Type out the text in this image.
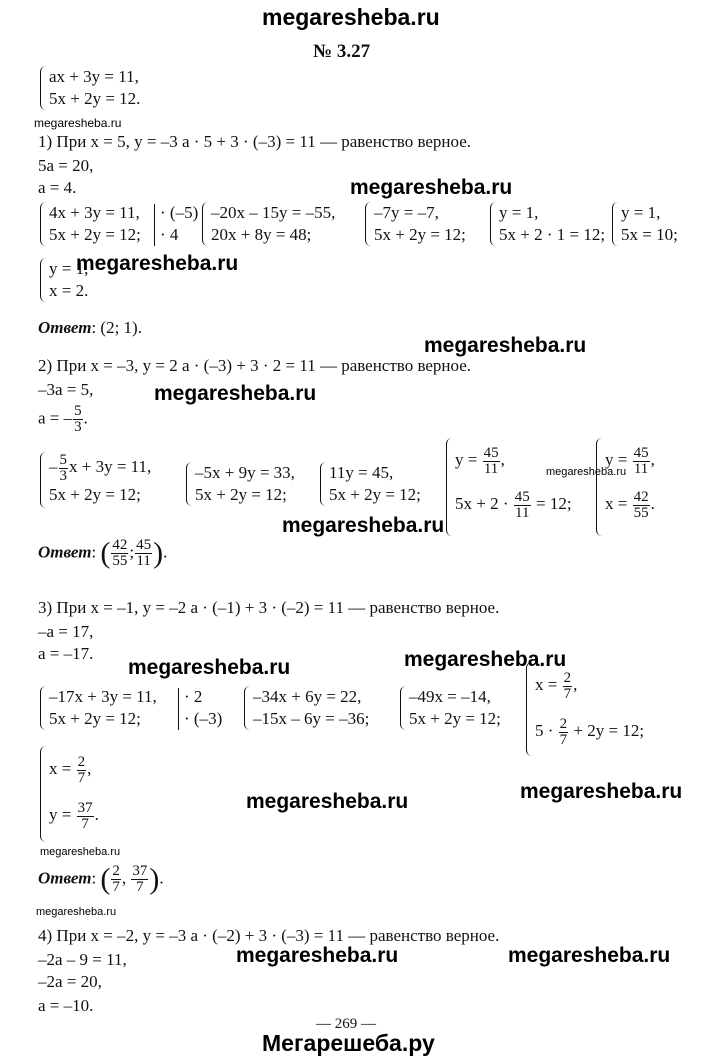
megaresheba.ru
№ 3.27
ax + 3y = 11,
5x + 2y = 12.
megaresheba.ru
1) При x = 5, y = –3 a · 5 + 3 · (–3) = 11 — равенство верное.
5a = 20,
a = 4.	megaresheba.ru
4x + 3y = 11,
5x + 2y = 12;
· (–5)
· 4
–20x – 15y = –55,
20x + 8y = 48;
–7y = –7,
5x + 2y = 12;
y = 1,
5x + 2 · 1 = 12;
y = 1,
5x = 10;
y = 1,
x = 2.
megaresheba.ru
Ответ: (2; 1).
megaresheba.ru
2) При x = –3, y = 2 a · (–3) + 3 · 2 = 11 — равенство верное.
–3a = 5,	megaresheba.ru
a = – $\frac{5}{3}$ .
– $\frac{5}{3}$ x + 3y = 11,
5x + 2y = 12;
–5x + 9y = 33,
5x + 2y = 12;
11y = 45,
5x + 2y = 12;
$y = \frac{45}{11}$ ,
$5x + 2 \cdot \frac{45}{11} = 12$;
megaresheba.ru
$y = \frac{45}{11}$ ,
$x = \frac{42}{55}$ .
megaresheba.ru
Ответ: ( $\frac{42}{55}$ ; $\frac{45}{11}$ ).
3) При x = –1, y = –2 a · (–1) + 3 · (–2) = 11 — равенство верное.
–a = 17,
a = –17.
megaresheba.ru	megaresheba.ru
–17x + 3y = 11,
5x + 2y = 12;
· 2
· (–3)
–34x + 6y = 22,
–15x – 6y = –36;
–49x = –14,
5x + 2y = 12;
$x = \frac{2}{7}$ ,
$5 \cdot \frac{2}{7} + 2y = 12$;
$x = \frac{2}{7}$ ,
$y = \frac{37}{7}$ .
megaresheba.ru	megaresheba.ru
megaresheba.ru
Ответ: ( $\frac{2}{7}$ , $\frac{37}{7}$ ).
megaresheba.ru
4) При x = –2, y = –3 a · (–2) + 3 · (–3) = 11 — равенство верное.
–2a – 9 = 11,
–2a = 20,
a = –10.
megaresheba.ru	megaresheba.ru
— 269 —
Мегарешеба.ру
